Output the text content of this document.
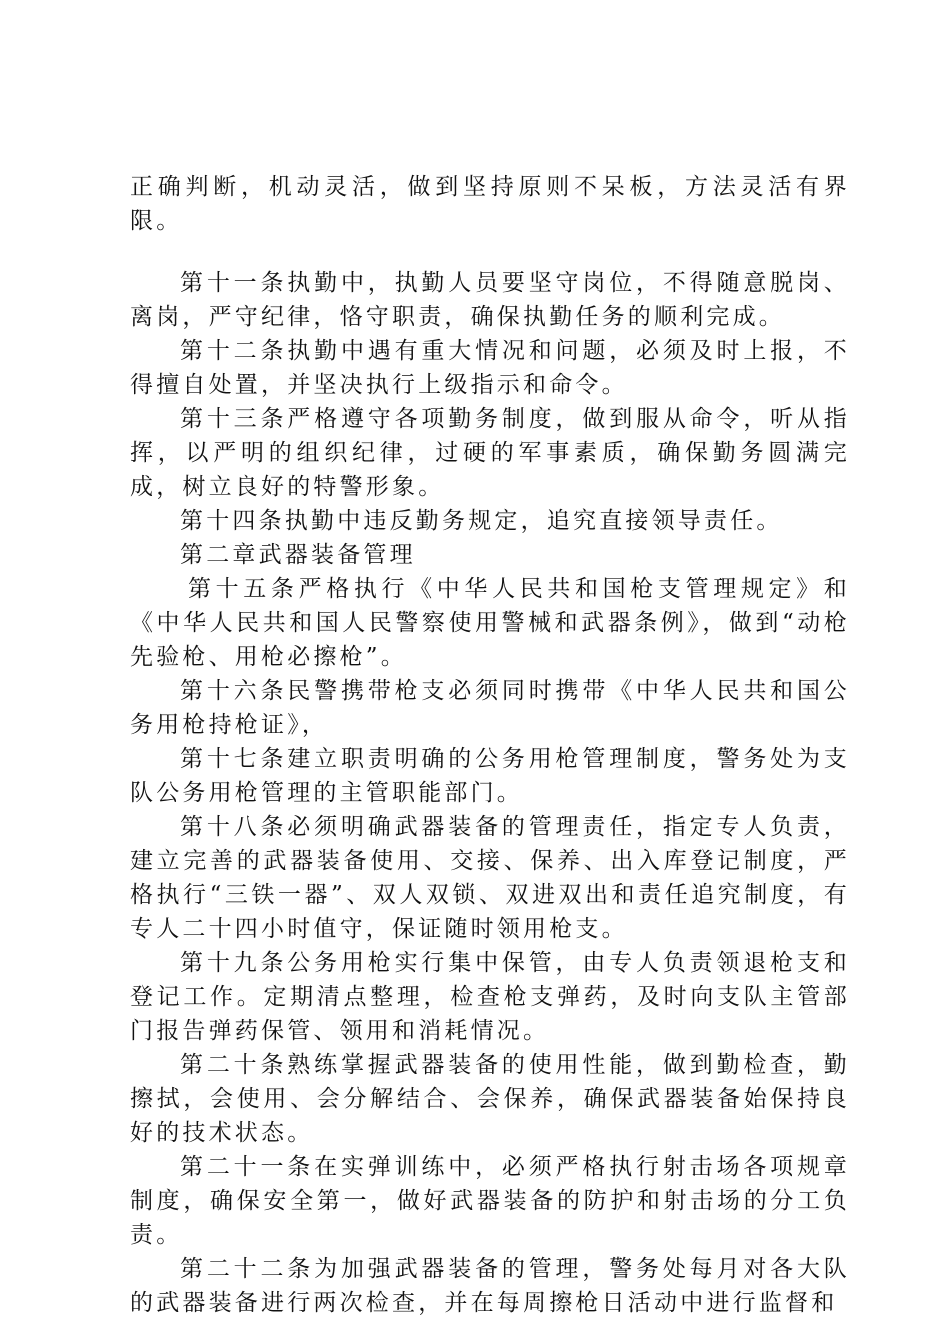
正确判断，机动灵活，做到坚持原则不呆板，方法灵活有界限。

第十一条执勤中，执勤人员要坚守岗位，不得随意脱岗、离岗，严守纪律，恪守职责，确保执勤任务的顺利完成。

第十二条执勤中遇有重大情况和问题，必须及时上报，不得擅自处置，并坚决执行上级指示和命令。

第十三条严格遵守各项勤务制度，做到服从命令，听从指挥，以严明的组织纪律，过硬的军事素质，确保勤务圆满完成，树立良好的特警形象。

第十四条执勤中违反勤务规定，追究直接领导责任。

第二章武器装备管理

第十五条严格执行《中华人民共和国枪支管理规定》和《中华人民共和国人民警察使用警械和武器条例》，做到“动枪先验枪、用枪必擦枪”。

第十六条民警携带枪支必须同时携带《中华人民共和国公务用枪持枪证》，

第十七条建立职责明确的公务用枪管理制度，警务处为支队公务用枪管理的主管职能部门。

第十八条必须明确武器装备的管理责任，指定专人负责，建立完善的武器装备使用、交接、保养、出入库登记制度，严格执行“三铁一器”、双人双锁、双进双出和责任追究制度，有专人二十四小时值守，保证随时领用枪支。

第十九条公务用枪实行集中保管，由专人负责领退枪支和登记工作。定期清点整理，检查枪支弹药，及时向支队主管部门报告弹药保管、领用和消耗情况。

第二十条熟练掌握武器装备的使用性能，做到勤检查，勤擦拭，会使用、会分解结合、会保养，确保武器装备始保持良好的技术状态。

第二十一条在实弹训练中，必须严格执行射击场各项规章制度，确保安全第一，做好武器装备的防护和射击场的分工负责。

第二十二条为加强武器装备的管理，警务处每月对各大队的武器装备进行两次检查，并在每周擦枪日活动中进行监督和
